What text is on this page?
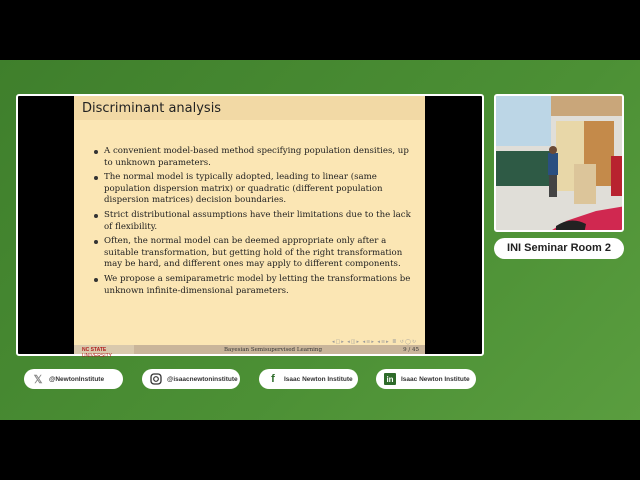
Discriminant analysis
A convenient model-based method specifying population densities, up to unknown parameters.
The normal model is typically adopted, leading to linear (same population dispersion matrix) or quadratic (different population dispersion matrices) decision boundaries.
Strict distributional assumptions have their limitations due to the lack of flexibility.
Often, the normal model can be deemed appropriate only after a suitable transformation, but getting hold of the right transformation may be hard, and different ones may apply to different components.
We propose a semiparametric model by letting the transformations be unknown infinite-dimensional parameters.
◂□▸ ◂◫▸ ◂≡▸ ◂≡▸ ≣ ↺◯↻
NC STATE UNIVERSITY
Bayesian Semisupervised Learning	9 / 45
INI Seminar Room 2
𝕏 @NewtonInstitute	@isaacnewtoninstitute	f	Isaac Newton Institute	in	Isaac Newton Institute
